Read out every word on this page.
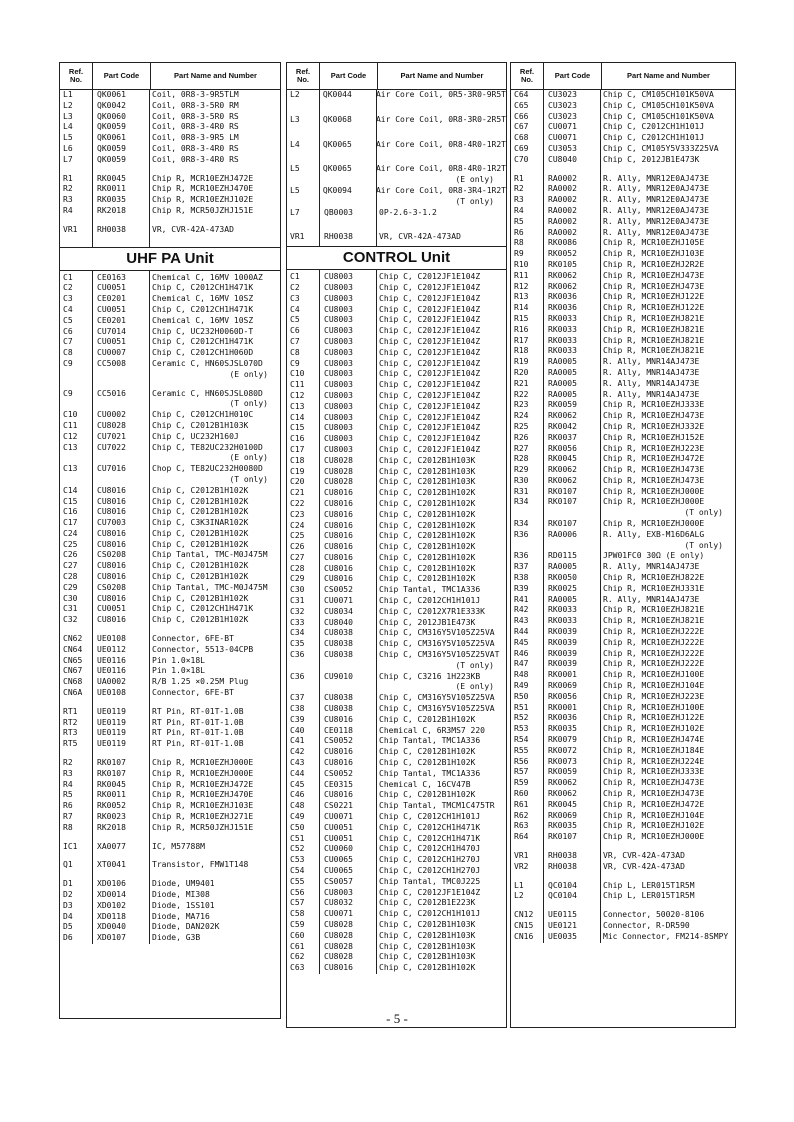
Ref.
No.	Part Code	Part Name and Number
L1	QK0061	Coil, 0R8-3-9R5TLM
L2	QK0042	Coil, 0R8-3-5R0 RM
L3	QK0060	Coil, 0R8-3-5R0 RS
L4	QK0059	Coil, 0R8-3-4R0 RS
L5	QK0061	Coil, 0R8-3-9R5 LM
L6	QK0059	Coil, 0R8-3-4R0 RS
L7	QK0059	Coil, 0R8-3-4R0 RS
R1	RK0045	Chip R, MCR10EZHJ472E
R2	RK0011	Chip R, MCR10EZHJ470E
R3	RK0035	Chip R, MCR10EZHJ102E
R4	RK2018	Chip R, MCR50JZHJ151E
VR1	RH0038	VR, CVR-42A-473AD
UHF PA Unit
C1	CE0163	Chemical C, 16MV 1000AZ
C2	CU0051	Chip C, C2012CH1H471K
C3	CE0201	Chemical C, 16MV 10SZ
C4	CU0051	Chip C, C2012CH1H471K
C5	CE0201	Chemical C, 16MV 10SZ
C6	CU7014	Chip C, UC232H0060D-T
C7	CU0051	Chip C, C2012CH1H471K
C8	CU0007	Chip C, C2012CH1H060D
C9	CC5008	Ceramic C, HN60SJSL070D
(E only)
C9	CC5016	Ceramic C, HN60SJSL080D
(T only)
C10	CU0002	Chip C, C2012CH1H010C
C11	CU8028	Chip C, C2012B1H103K
C12	CU7021	Chip C, UC232H160J
C13	CU7022	Chip C, TE82UC232H0100D
(E only)
C13	CU7016	Chop C, TE82UC232H0080D
(T only)
C14	CU8016	Chip C, C2012B1H102K
C15	CU8016	Chip C, C2012B1H102K
C16	CU8016	Chip C, C2012B1H102K
C17	CU7003	Chip C, C3K3INAR102K
C24	CU8016	Chip C, C2012B1H102K
C25	CU8016	Chip C, C2012B1H102K
C26	CS0208	Chip Tantal, TMC-M0J475M
C27	CU8016	Chip C, C2012B1H102K
C28	CU8016	Chip C, C2012B1H102K
C29	CS0208	Chip Tantal, TMC-M0J475M
C30	CU8016	Chip C, C2012B1H102K
C31	CU0051	Chip C, C2012CH1H471K
C32	CU8016	Chip C, C2012B1H102K
CN62	UE0108	Connector, 6FE-BT
CN64	UE0112	Connector, 5513-04CPB
CN65	UE0116	Pin 1.0×18L
CN67	UE0116	Pin 1.0×18L
CN68	UA0002	R/B 1.25 ×0.25M Plug
CN6A	UE0108	Connector, 6FE-BT
RT1	UE0119	RT Pin, RT-01T-1.0B
RT2	UE0119	RT Pin, RT-01T-1.0B
RT3	UE0119	RT Pin, RT-01T-1.0B
RT5	UE0119	RT Pin, RT-01T-1.0B
R2	RK0107	Chip R, MCR10EZHJ000E
R3	RK0107	Chip R, MCR10EZHJ000E
R4	RK0045	Chip R, MCR10EZHJ472E
R5	RK0011	Chip R, MCR10EZHJ470E
R6	RK0052	Chip R, MCR10EZHJ103E
R7	RK0023	Chip R, MCR10EZHJ271E
R8	RK2018	Chip R, MCR50JZHJ151E
IC1	XA0077	IC, M57788M
Q1	XT0041	Transistor, FMW1T148
D1	XD0106	Diode, UM9401
D2	XD0014	Diode, MI308
D3	XD0102	Diode, 1SS101
D4	XD0118	Diode, MA716
D5	XD0040	Diode, DAN202K
D6	XD0107	Diode, G3B
Ref.
No.	Part Code	Part Name and Number
L2	QK0044	Air Core Coil, 0R5-3R0-9R5T
L3	QK0068	Air Core Coil, 0R8-3R0-2R5T
L4	QK0065	Air Core Coil, 0R8-4R0-1R2T
L5	QK0065	Air Core Coil, 0R8-4R0-1R2T
(E only)
L5	QK0094	Air Core Coil, 0R8-3R4-1R2T
(T only)
L7	QB0003	0P-2.6-3-1.2
VR1	RH0038	VR, CVR-42A-473AD
CONTROL Unit
C1	CU8003	Chip C, C2012JF1E104Z
C2	CU8003	Chip C, C2012JF1E104Z
C3	CU8003	Chip C, C2012JF1E104Z
C4	CU8003	Chip C, C2012JF1E104Z
C5	CU8003	Chip C, C2012JF1E104Z
C6	CU8003	Chip C, C2012JF1E104Z
C7	CU8003	Chip C, C2012JF1E104Z
C8	CU8003	Chip C, C2012JF1E104Z
C9	CU8003	Chip C, C2012JF1E104Z
C10	CU8003	Chip C, C2012JF1E104Z
C11	CU8003	Chip C, C2012JF1E104Z
C12	CU8003	Chip C, C2012JF1E104Z
C13	CU8003	Chip C, C2012JF1E104Z
C14	CU8003	Chip C, C2012JF1E104Z
C15	CU8003	Chip C, C2012JF1E104Z
C16	CU8003	Chip C, C2012JF1E104Z
C17	CU8003	Chip C, C2012JF1E104Z
C18	CU8028	Chip C, C2012B1H103K
C19	CU8028	Chip C, C2012B1H103K
C20	CU8028	Chip C, C2012B1H103K
C21	CU8016	Chip C, C2012B1H102K
C22	CU8016	Chip C, C2012B1H102K
C23	CU8016	Chip C, C2012B1H102K
C24	CU8016	Chip C, C2012B1H102K
C25	CU8016	Chip C, C2012B1H102K
C26	CU8016	Chip C, C2012B1H102K
C27	CU8016	Chip C, C2012B1H102K
C28	CU8016	Chip C, C2012B1H102K
C29	CU8016	Chip C, C2012B1H102K
C30	CS0052	Chip Tantal, TMC1A336
C31	CU0071	Chip C, C2012CH1H101J
C32	CU8034	Chip C, C2012X7R1E333K
C33	CU8040	Chip C, 2012JB1E473K
C34	CU8038	Chip C, CM316Y5V105Z25VA
C35	CU8038	Chip C, CM316Y5V105Z25VA
C36	CU8038	Chip C, CM316Y5V105Z25VAT
(T only)
C36	CU9010	Chip C, C3216 1H223KB
(E only)
C37	CU8038	Chip C, CM316Y5V105Z25VA
C38	CU8038	Chip C, CM316Y5V105Z25VA
C39	CU8016	Chip C, C2012B1H102K
C40	CE0118	Chemical C, 6R3MS7 220
C41	CS0052	Chip Tantal, TMC1A336
C42	CU8016	Chip C, C2012B1H102K
C43	CU8016	Chip C, C2012B1H102K
C44	CS0052	Chip Tantal, TMC1A336
C45	CE0315	Chemical C, 16CV47B
C46	CU8016	Chip C, C2012B1H102K
C48	CS0221	Chip Tantal, TMCM1C475TR
C49	CU0071	Chip C, C2012CH1H101J
C50	CU0051	Chip C, C2012CH1H471K
C51	CU0051	Chip C, C2012CH1H471K
C52	CU0060	Chip C, C2012CH1H470J
C53	CU0065	Chip C, C2012CH1H270J
C54	CU0065	Chip C, C2012CH1H270J
C55	CS0057	Chip Tantal, TMC0J225
C56	CU8003	Chip C, C2012JF1E104Z
C57	CU8032	Chip C, C2012B1E223K
C58	CU0071	Chip C, C2012CH1H101J
C59	CU8028	Chip C, C2012B1H103K
C60	CU8028	Chip C, C2012B1H103K
C61	CU8028	Chip C, C2012B1H103K
C62	CU8028	Chip C, C2012B1H103K
C63	CU8016	Chip C, C2012B1H102K
Ref.
No.	Part Code	Part Name and Number
C64	CU3023	Chip C, CM105CH101K50VA
C65	CU3023	Chip C, CM105CH101K50VA
C66	CU3023	Chip C, CM105CH101K50VA
C67	CU0071	Chip C, C2012CH1H101J
C68	CU0071	Chip C, C2012CH1H101J
C69	CU3053	Chip C, CM105Y5V333Z25VA
C70	CU8040	Chip C, 2012JB1E473K
R1	RA0002	R. Ally, MNR12E0AJ473E
R2	RA0002	R. Ally, MNR12E0AJ473E
R3	RA0002	R. Ally, MNR12E0AJ473E
R4	RA0002	R. Ally, MNR12E0AJ473E
R5	RA0002	R. Ally, MNR12E0AJ473E
R6	RA0002	R. Ally, MNR12E0AJ473E
R8	RK0086	Chip R, MCR10EZHJ105E
R9	RK0052	Chip R, MCR10EZHJ103E
R10	RK0105	Chip R, MCR10EZHJ2R2E
R11	RK0062	Chip R, MCR10EZHJ473E
R12	RK0062	Chip R, MCR10EZHJ473E
R13	RK0036	Chip R, MCR10EZHJ122E
R14	RK0036	Chip R, MCR10EZHJ122E
R15	RK0033	Chip R, MCR10EZHJ821E
R16	RK0033	Chip R, MCR10EZHJ821E
R17	RK0033	Chip R, MCR10EZHJ821E
R18	RK0033	Chip R, MCR10EZHJ821E
R19	RA0005	R. Ally, MNR14AJ473E
R20	RA0005	R. Ally, MNR14AJ473E
R21	RA0005	R. Ally, MNR14AJ473E
R22	RA0005	R. Ally, MNR14AJ473E
R23	RK0059	Chip R, MCR10EZHJ333E
R24	RK0062	Chip R, MCR10EZHJ473E
R25	RK0042	Chip R, MCR10EZHJ332E
R26	RK0037	Chip R, MCR10EZHJ152E
R27	RK0056	Chip R, MCR10EZHJ223E
R28	RK0045	Chip R, MCR10EZHJ472E
R29	RK0062	Chip R, MCR10EZHJ473E
R30	RK0062	Chip R, MCR10EZHJ473E
R31	RK0107	Chip R, MCR10EZHJ000E
R34	RK0107	Chip R, MCR10EZHJ000E
(T only)
R34	RK0107	Chip R, MCR10EZHJ000E
R36	RA0006	R. Ally, EXB-M16D6ALG
(T only)
R36	RD0115	JPW01FC0 30Ω (E only)
R37	RA0005	R. Ally, MNR14AJ473E
R38	RK0050	Chip R, MCR10EZHJ822E
R39	RK0025	Chip R, MCR10EZHJ331E
R41	RA0005	R. Ally, MNR14AJ473E
R42	RK0033	Chip R, MCR10EZHJ821E
R43	RK0033	Chip R, MCR10EZHJ821E
R44	RK0039	Chip R, MCR10EZHJ222E
R45	RK0039	Chip R, MCR10EZHJ222E
R46	RK0039	Chip R, MCR10EZHJ222E
R47	RK0039	Chip R, MCR10EZHJ222E
R48	RK0001	Chip R, MCR10EZHJ100E
R49	RK0069	Chip R, MCR10EZHJ104E
R50	RK0056	Chip R, MCR10EZHJ223E
R51	RK0001	Chip R, MCR10EZHJ100E
R52	RK0036	Chip R, MCR10EZHJ122E
R53	RK0035	Chip R, MCR10EZHJ102E
R54	RK0079	Chip R, MCR10EZHJ474E
R55	RK0072	Chip R, MCR10EZHJ184E
R56	RK0073	Chip R, MCR10EZHJ224E
R57	RK0059	Chip R, MCR10EZHJ333E
R59	RK0062	Chip R, MCR10EZHJ473E
R60	RK0062	Chip R, MCR10EZHJ473E
R61	RK0045	Chip R, MCR10EZHJ472E
R62	RK0069	Chip R, MCR10EZHJ104E
R63	RK0035	Chip R, MCR10EZHJ102E
R64	RK0107	Chip R, MCR10EZHJ000E
VR1	RH0038	VR, CVR-42A-473AD
VR2	RH0038	VR, CVR-42A-473AD
L1	QC0104	Chip L, LER015T1R5M
L2	QC0104	Chip L, LER015T1R5M
CN12	UE0115	Connector, 50020-8106
CN15	UE0121	Connector, R-DR590
CN16	UE0035	Mic Connector, FM214-8SMPY
- 5 -
